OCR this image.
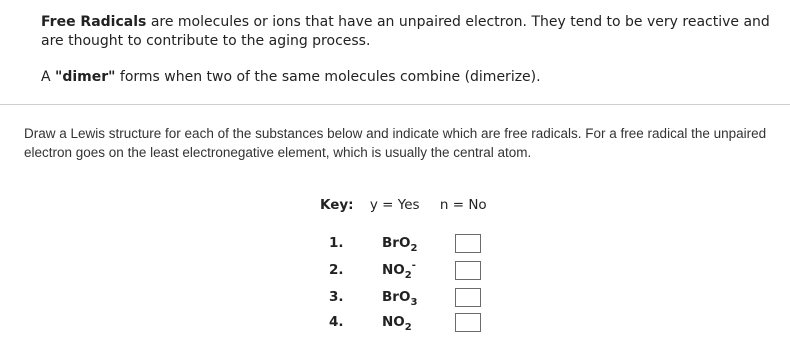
Free Radicals are molecules or ions that have an unpaired electron. They tend to be very reactive and are thought to contribute to the aging process.

A "dimer" forms when two of the same molecules combine (dimerize).

Draw a Lewis structure for each of the substances below and indicate which are free radicals. For a free radical the unpaired electron goes on the least electronegative element, which is usually the central atom.

Key: y = Yes n = No
1.	BrO$_2$
2.	$NO_2^-$
3.	BrO$_3$
4.	$NO_2$
